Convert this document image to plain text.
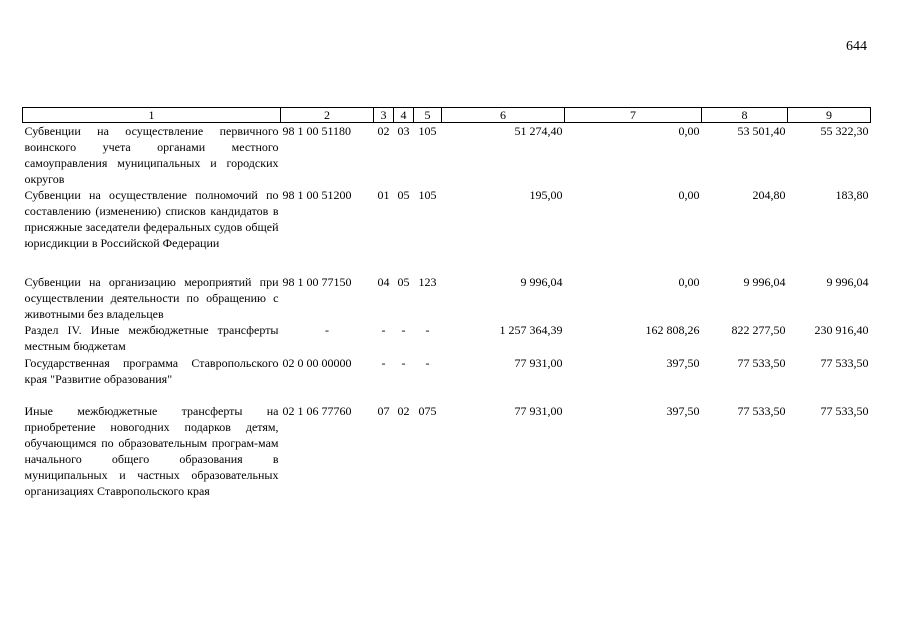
644
1	2	3	4	5	6	7	8	9
Субвенции на осуществление первичного воинского учета органами местного самоуправления муниципальных и городских округов	98 1 00 51180	02	03	105	51 274,40	0,00	53 501,40	55 322,30
Субвенции на осуществление полномочий по составлению (изменению) списков кандидатов в присяжные заседатели федеральных судов общей юрисдикции в Российской Федерации	98 1 00 51200	01	05	105	195,00	0,00	204,80	183,80
Субвенции на организацию мероприятий при осуществлении деятельности по обращению с животными без владельцев	98 1 00 77150	04	05	123	9 996,04	0,00	9 996,04	9 996,04
Раздел IV. Иные межбюджетные трансферты местным бюджетам	-	-	-	-	1 257 364,39	162 808,26	822 277,50	230 916,40
Государственная программа Ставропольского края "Развитие образования"	02 0 00 00000	-	-	-	77 931,00	397,50	77 533,50	77 533,50
Иные межбюджетные трансферты на приобретение новогодних подарков детям, обучающимся по образовательным програм-мам начального общего образования в муниципальных и частных образовательных организациях Ставропольского края	02 1 06 77760	07	02	075	77 931,00	397,50	77 533,50	77 533,50
